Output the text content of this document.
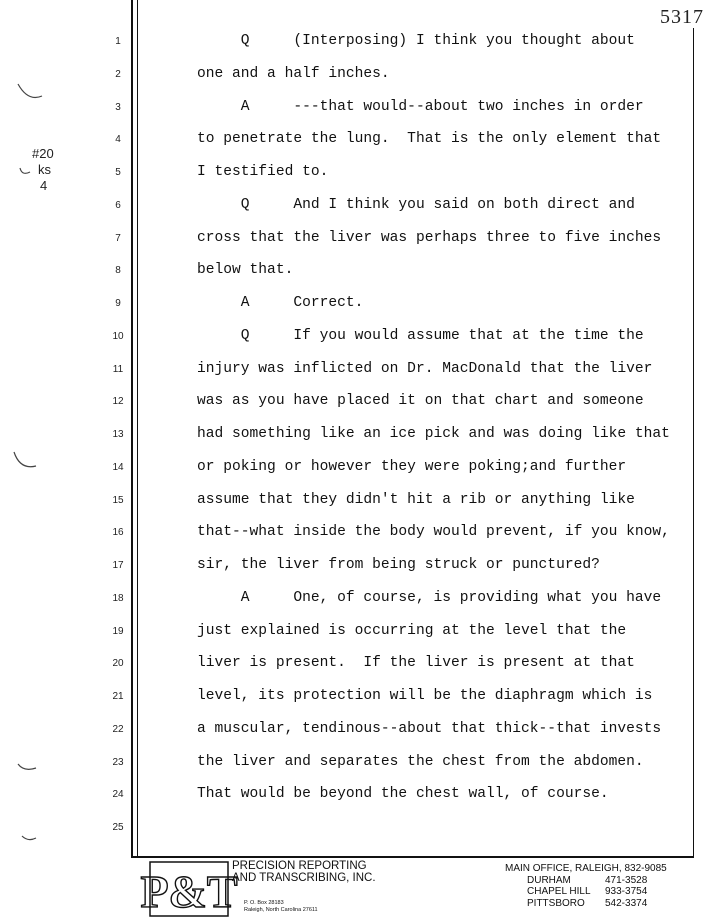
5317
#20
ks
4
1	Q     (Interposing) I think you thought about
2	one and a half inches.
3	A     ---that would--about two inches in order
4	to penetrate the lung.  That is the only element that
5	I testified to.
6	Q     And I think you said on both direct and
7	cross that the liver was perhaps three to five inches
8	below that.
9	A     Correct.
10	Q     If you would assume that at the time the
11	injury was inflicted on Dr. MacDonald that the liver
12	was as you have placed it on that chart and someone
13	had something like an ice pick and was doing like that
14	or poking or however they were poking;and further
15	assume that they didn't hit a rib or anything like
16	that--what inside the body would prevent, if you know,
17	sir, the liver from being struck or punctured?
18	A     One, of course, is providing what you have
19	just explained is occurring at the level that the
20	liver is present.  If the liver is present at that
21	level, its protection will be the diaphragm which is
22	a muscular, tendinous--about that thick--that invests
23	the liver and separates the chest from the abdomen.
24	That would be beyond the chest wall, of course.
25
P&T
PRECISION REPORTING
AND TRANSCRIBING, INC.
P. O. Box 28183
Raleigh, North Carolina 27611
MAIN OFFICE, RALEIGH, 832-9085
DURHAM	471-3528
CHAPEL HILL	933-3754
PITTSBORO	542-3374
